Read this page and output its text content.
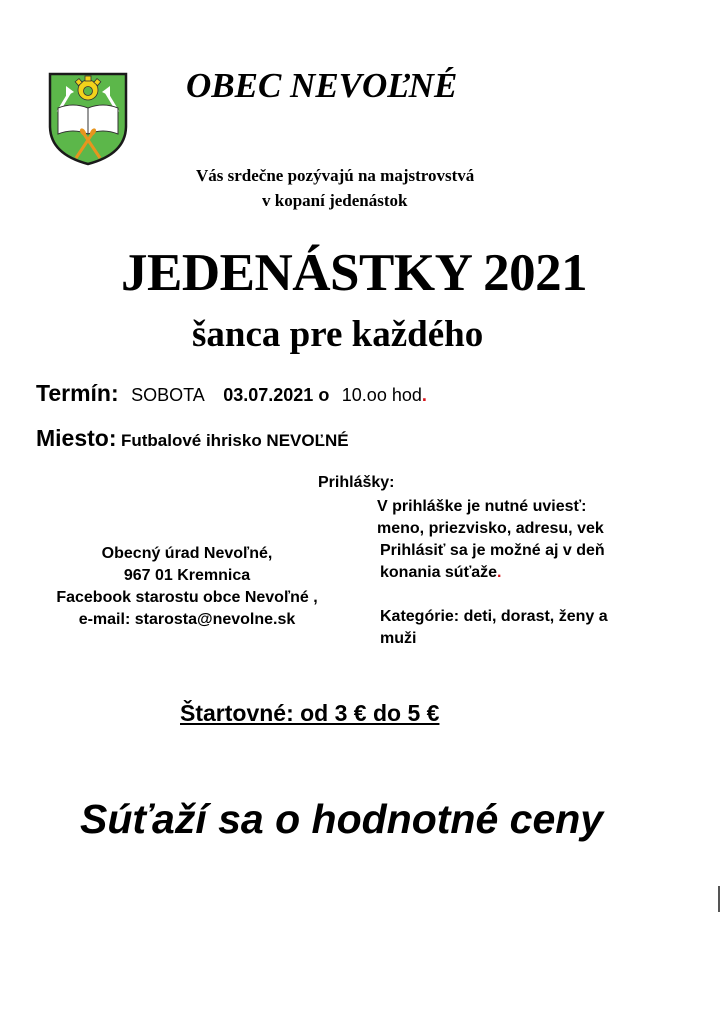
OBEC NEVOĽNÉ
Vás srdečne pozývajú na majstrovstvá
v kopaní jedenástok
JEDENÁSTKY 2021
šanca pre každého
Termín: SOBOTA 03.07.2021 o 10.oo hod.
Miesto: Futbalové ihrisko NEVOĽNÉ
Prihlášky:
V prihláške je nutné uviesť:
meno, priezvisko, adresu, vek
Prihlásiť sa je možné aj v deň
konania súťaže.
Kategórie: deti, dorast, ženy a
muži
Obecný úrad Nevoľné,
967 01 Kremnica
Facebook starostu obce Nevoľné ,
e-mail: starosta@nevolne.sk
Štartovné: od 3 € do 5 €
Súťaží sa o hodnotné ceny
